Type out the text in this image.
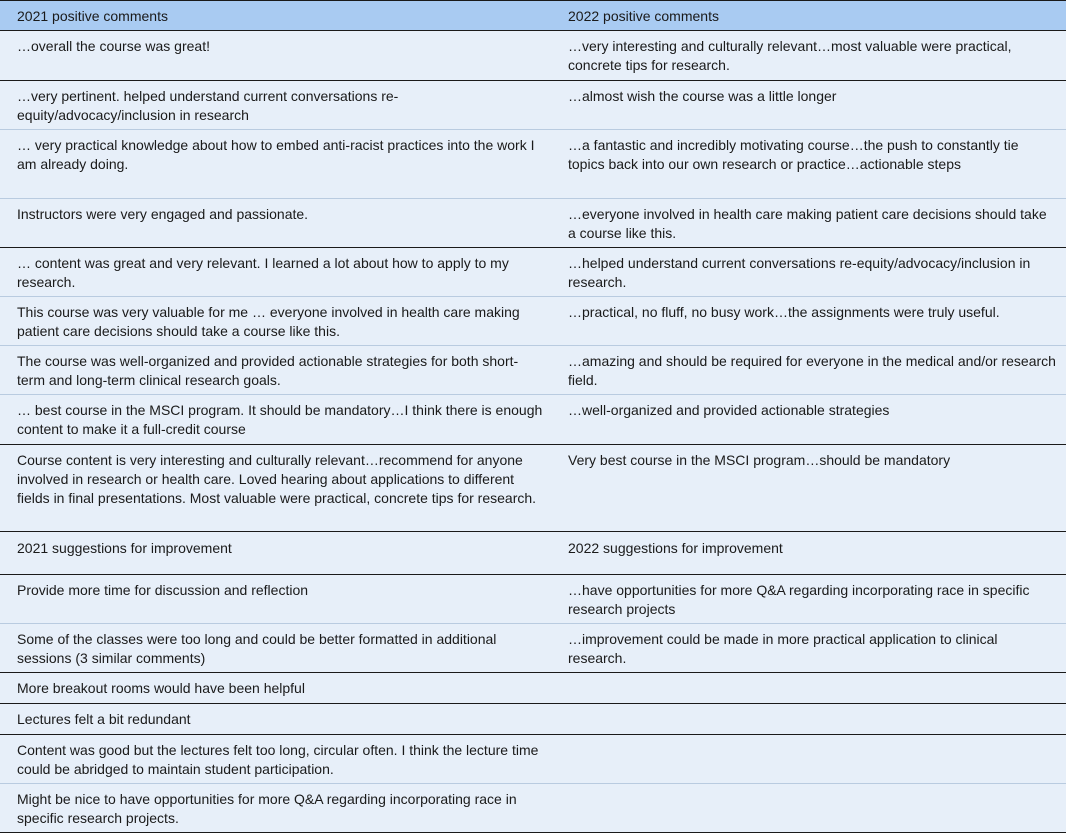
2021 positive comments	2022 positive comments
…overall the course was great!	…very interesting and culturally relevant…most valuable were practical, concrete tips for research.
…very pertinent. helped understand current conversations re-equity/advocacy/inclusion in research	…almost wish the course was a little longer
… very practical knowledge about how to embed anti-racist practices into the work I am already doing.	…a fantastic and incredibly motivating course…the push to constantly tie topics back into our own research or practice…actionable steps
Instructors were very engaged and passionate.	…everyone involved in health care making patient care decisions should take a course like this.
… content was great and very relevant. I learned a lot about how to apply to my research.	…helped understand current conversations re-equity/advocacy/inclusion in research.
This course was very valuable for me … everyone involved in health care making patient care decisions should take a course like this.	…practical, no fluff, no busy work…the assignments were truly useful.
The course was well-organized and provided actionable strategies for both short-term and long-term clinical research goals.	…amazing and should be required for everyone in the medical and/or research field.
… best course in the MSCI program. It should be mandatory…I think there is enough content to make it a full-credit course	…well-organized and provided actionable strategies
Course content is very interesting and culturally relevant…recommend for anyone involved in research or health care. Loved hearing about applications to different fields in final presentations. Most valuable were practical, concrete tips for research.	Very best course in the MSCI program…should be mandatory
2021 suggestions for improvement	2022 suggestions for improvement
Provide more time for discussion and reflection	…have opportunities for more Q&A regarding incorporating race in specific research projects
Some of the classes were too long and could be better formatted in additional sessions (3 similar comments)	…improvement could be made in more practical application to clinical research.
More breakout rooms would have been helpful	
Lectures felt a bit redundant	
Content was good but the lectures felt too long, circular often. I think the lecture time could be abridged to maintain student participation.	
Might be nice to have opportunities for more Q&A regarding incorporating race in specific research projects.	
